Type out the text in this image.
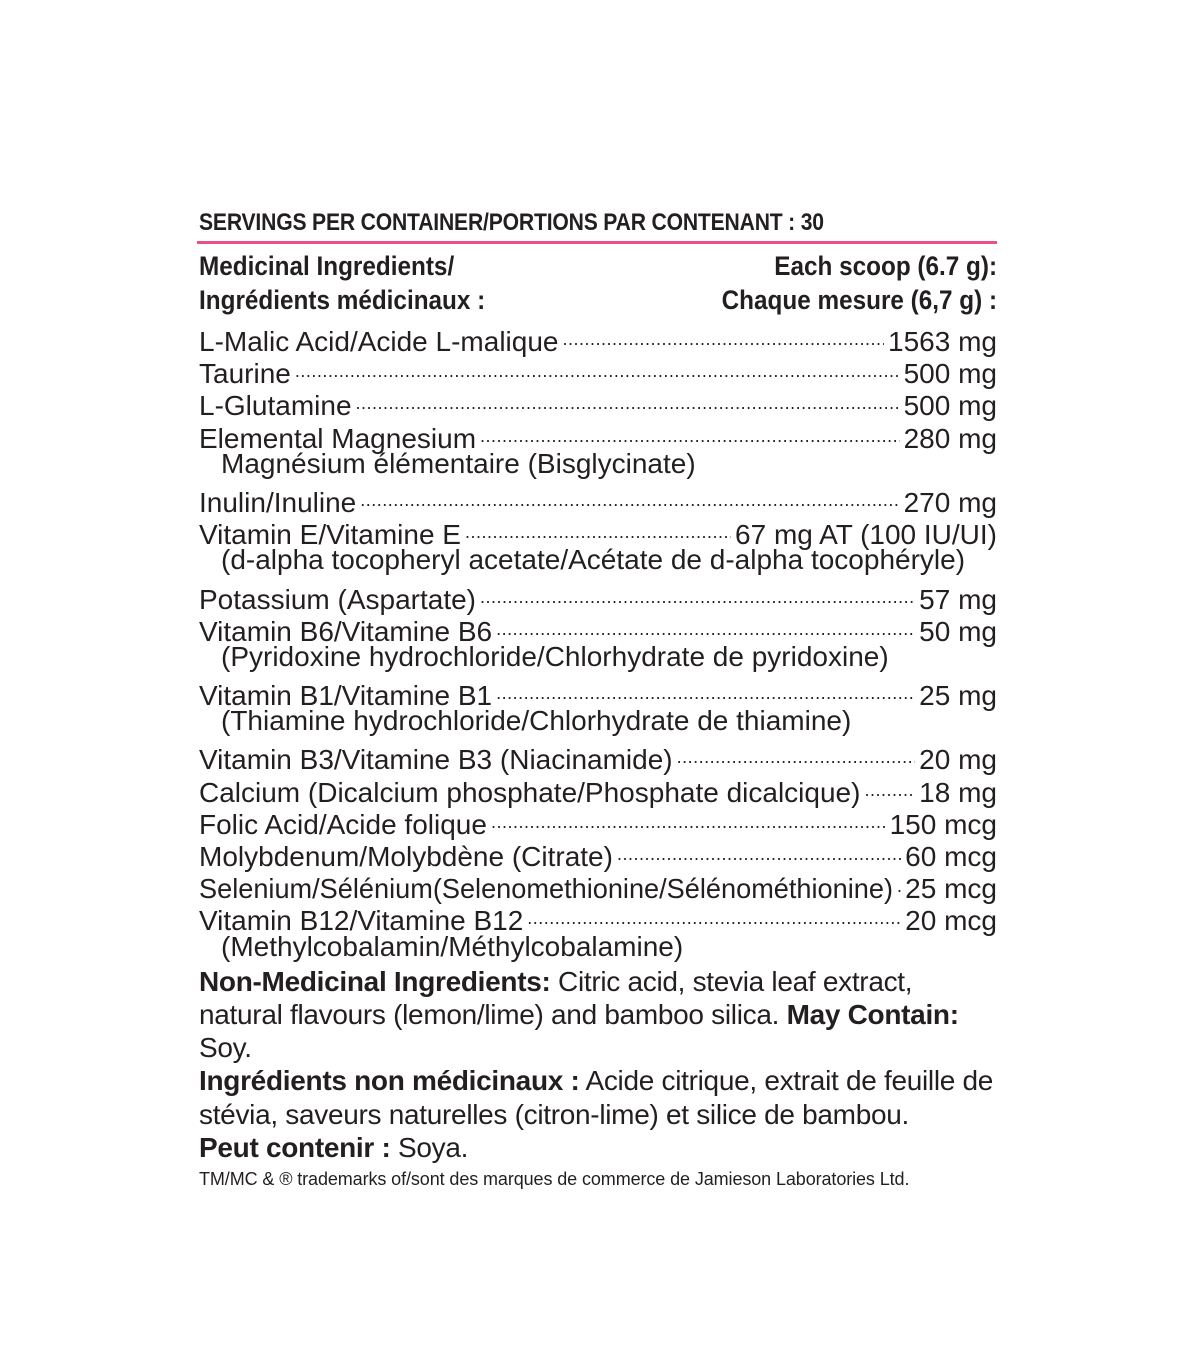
SERVINGS PER CONTAINER/PORTIONS PAR CONTENANT : 30
Medicinal Ingredients/
Ingrédients médicinaux :
Each scoop (6.7 g):
Chaque mesure (6,7 g) :
L-Malic Acid/Acide L-malique .....	1563 mg
Taurine .....	500 mg
L-Glutamine .....	500 mg
Elemental Magnesium .....	280 mg
Magnésium élémentaire (Bisglycinate)
Inulin/Inuline .....	270 mg
Vitamin E/Vitamine E .....	67 mg AT (100 IU/UI)
(d-alpha tocopheryl acetate/Acétate de d-alpha tocophéryle)
Potassium (Aspartate) .....	57 mg
Vitamin B6/Vitamine B6 .....	50 mg
(Pyridoxine hydrochloride/Chlorhydrate de pyridoxine)
Vitamin B1/Vitamine B1 .....	25 mg
(Thiamine hydrochloride/Chlorhydrate de thiamine)
Vitamin B3/Vitamine B3 (Niacinamide) .....	20 mg
Calcium (Dicalcium phosphate/Phosphate dicalcique) ..... 18 mg
Folic Acid/Acide folique .....	150 mcg
Molybdenum/Molybdène (Citrate) .....	60 mcg
Selenium/Sélénium(Selenomethionine/Sélénométhionine) ..... 25 mcg
Vitamin B12/Vitamine B12 .....	20 mcg
(Methylcobalamin/Méthylcobalamine)
Non-Medicinal Ingredients: Citric acid, stevia leaf extract, natural flavours (lemon/lime) and bamboo silica. May Contain: Soy.
Ingrédients non médicinaux : Acide citrique, extrait de feuille de stévia, saveurs naturelles (citron-lime) et silice de bambou.
Peut contenir : Soya.
TM/MC & ® trademarks of/sont des marques de commerce de Jamieson Laboratories Ltd.
